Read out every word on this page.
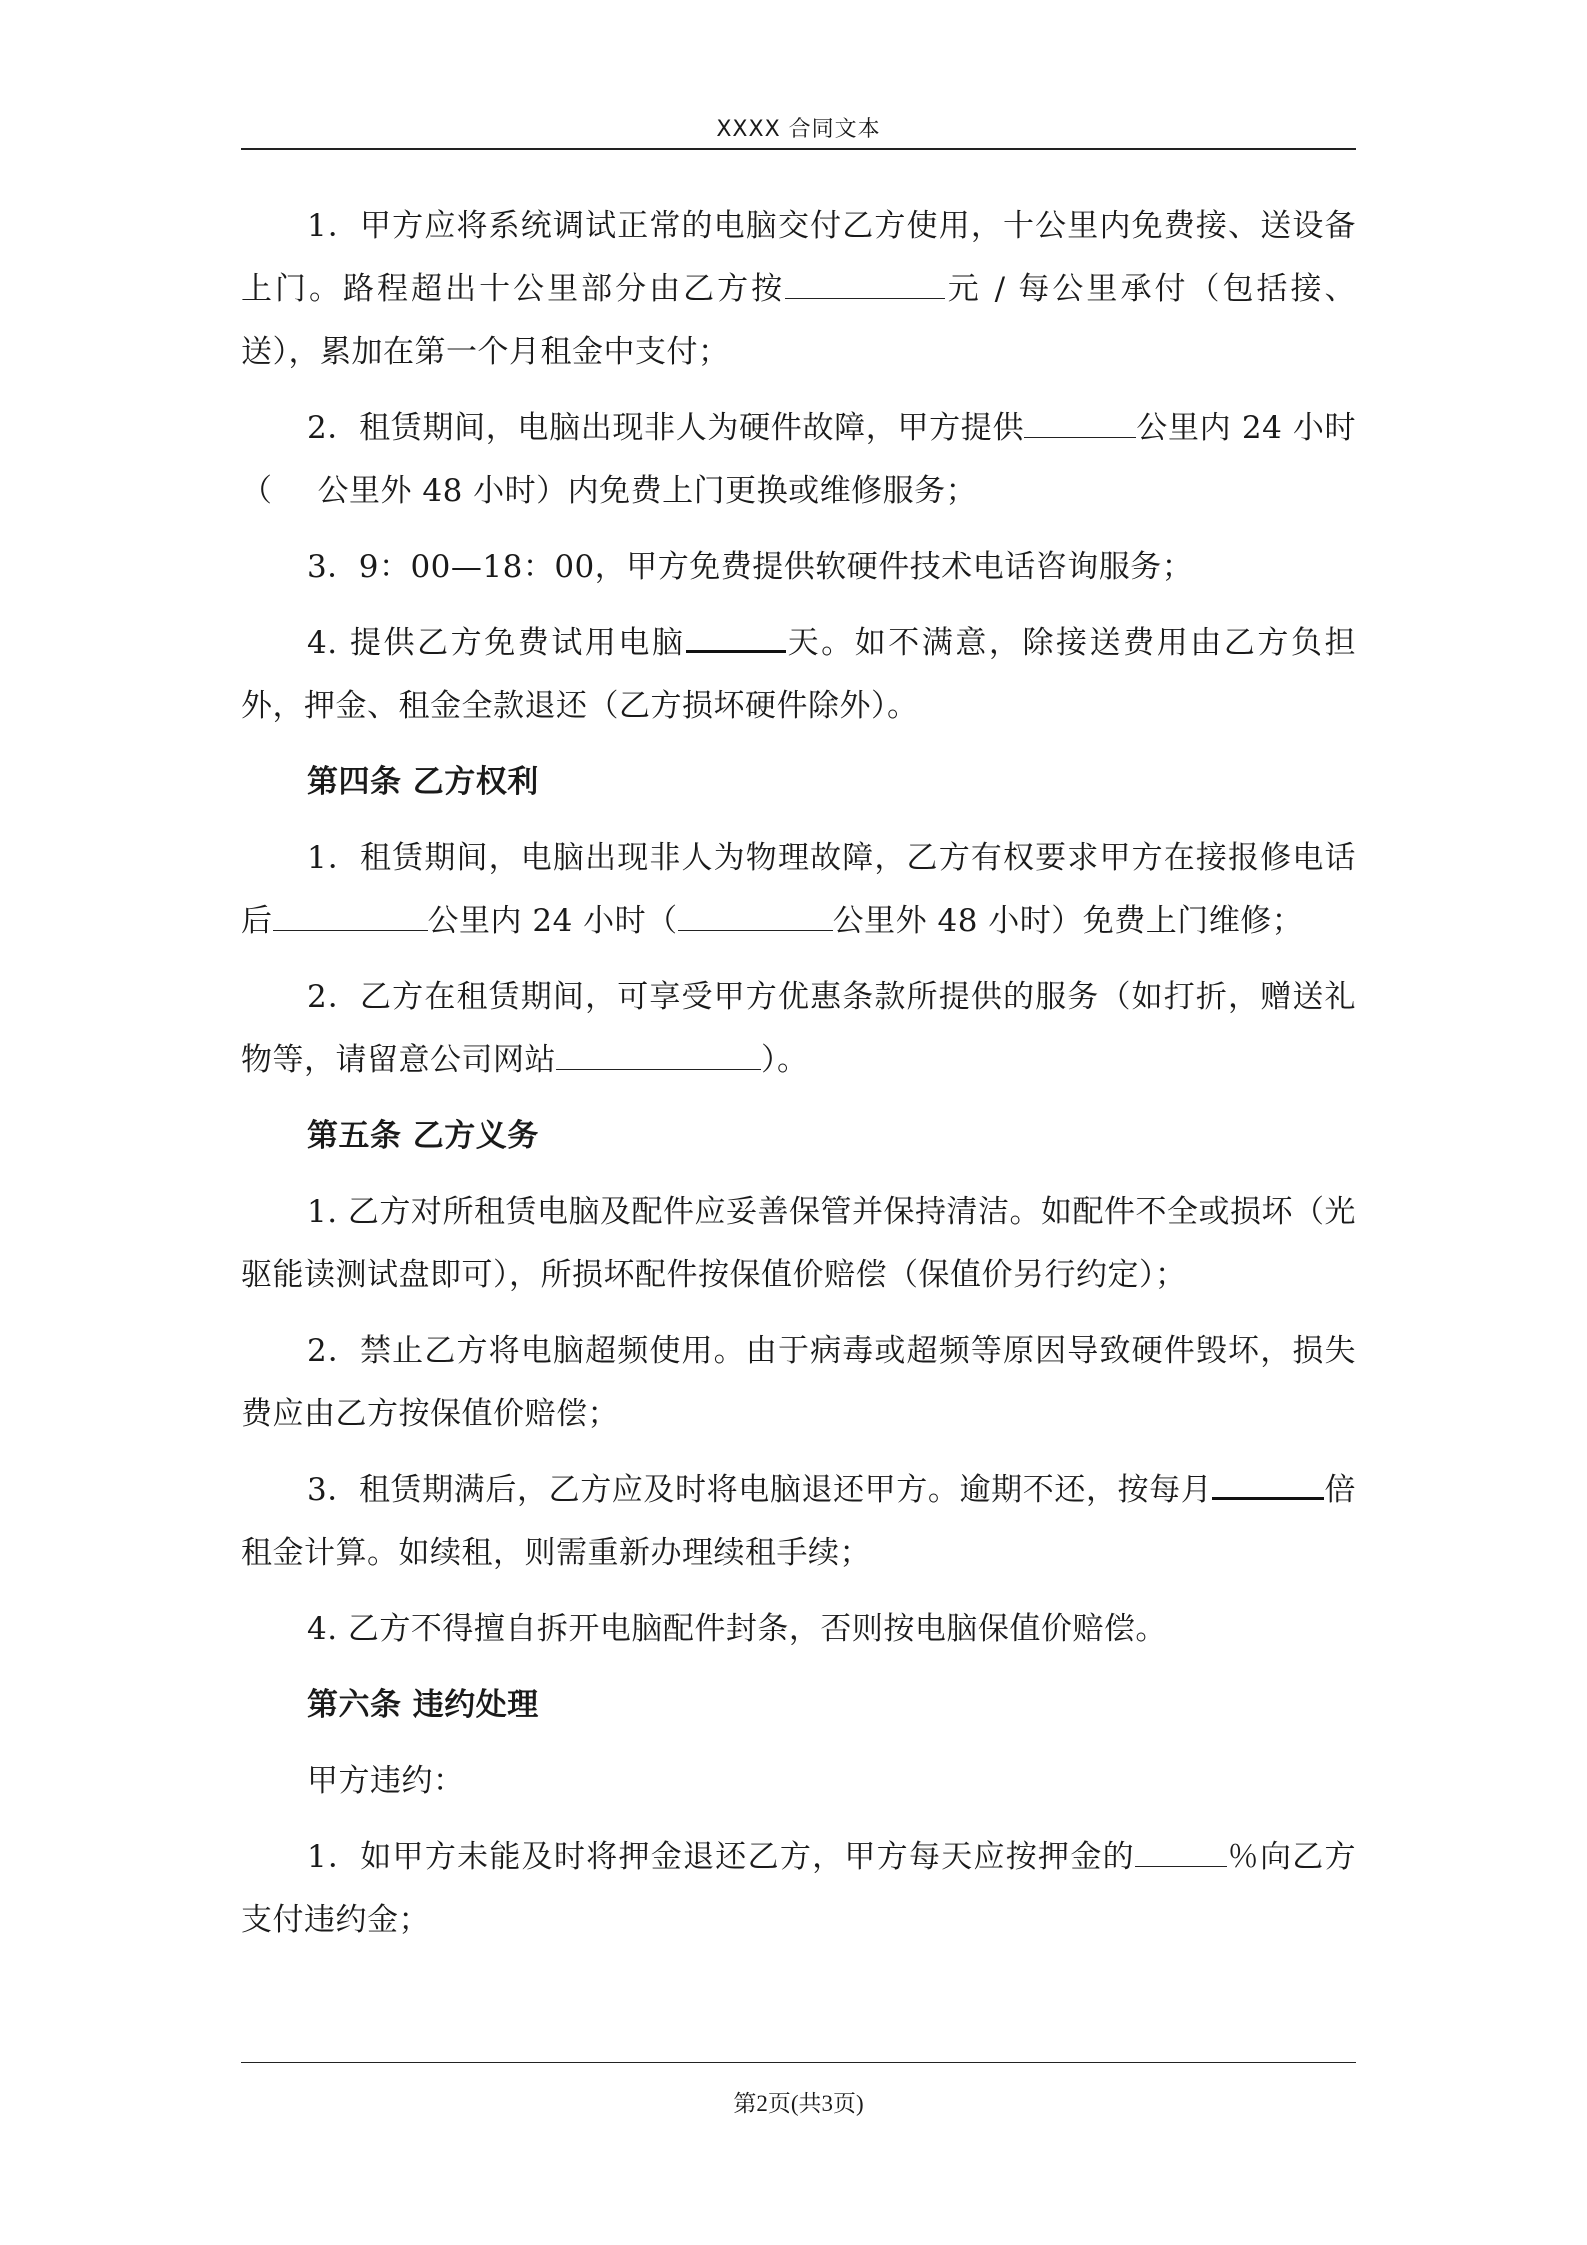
XXXX 合同文本

1．甲方应将系统调试正常的电脑交付乙方使用，十公里内免费接、送设备上门。路程超出十公里部分由乙方按	元 / 每公里承付（包括接、送），累加在第一个月租金中支付；

2．租赁期间，电脑出现非人为硬件故障，甲方提供	公里内 24 小时（ 公里外 48 小时）内免费上门更换或维修服务；

3．9：00—18：00，甲方免费提供软硬件技术电话咨询服务；

4. 提供乙方免费试用电脑	天。如不满意，除接送费用由乙方负担外，押金、租金全款退还（乙方损坏硬件除外）。

第四条 乙方权利

1．租赁期间，电脑出现非人为物理故障，乙方有权要求甲方在接报修电话后	公里内 24 小时（	公里外 48 小时）免费上门维修；

2．乙方在租赁期间，可享受甲方优惠条款所提供的服务（如打折，赠送礼物等，请留意公司网站	）。

第五条 乙方义务

1. 乙方对所租赁电脑及配件应妥善保管并保持清洁。如配件不全或损坏（光驱能读测试盘即可），所损坏配件按保值价赔偿（保值价另行约定）；

2．禁止乙方将电脑超频使用。由于病毒或超频等原因导致硬件毁坏，损失费应由乙方按保值价赔偿；

3．租赁期满后，乙方应及时将电脑退还甲方。逾期不还，按每月	倍租金计算。如续租，则需重新办理续租手续；

4. 乙方不得擅自拆开电脑配件封条，否则按电脑保值价赔偿。

第六条 违约处理

甲方违约：

1．如甲方未能及时将押金退还乙方，甲方每天应按押金的	％向乙方支付违约金；

第2页(共3页)
